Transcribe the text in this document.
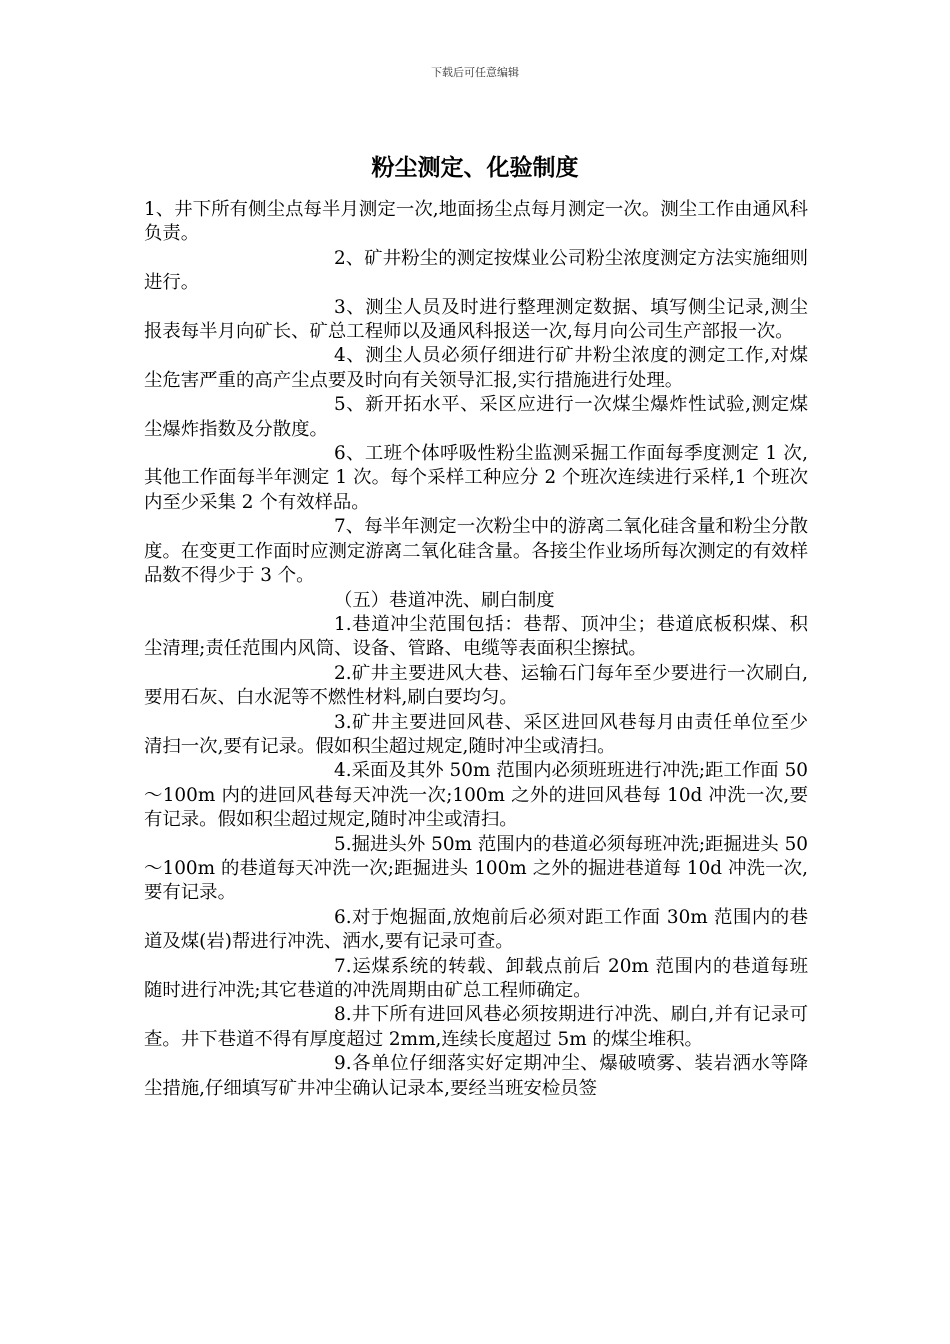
下载后可任意编辑
粉尘测定、化验制度

1、井下所有侧尘点每半月测定一次,地面扬尘点每月测定一次。测尘工作由通风科负责。

2、矿井粉尘的测定按煤业公司粉尘浓度测定方法实施细则进行。

3、测尘人员及时进行整理测定数据、填写侧尘记录,测尘报表每半月向矿长、矿总工程师以及通风科报送一次,每月向公司生产部报一次。

4、测尘人员必须仔细进行矿井粉尘浓度的测定工作,对煤尘危害严重的高产尘点要及时向有关领导汇报,实行措施进行处理。

5、新开拓水平、采区应进行一次煤尘爆炸性试验,测定煤尘爆炸指数及分散度。

6、工班个体呼吸性粉尘监测采掘工作面每季度测定 1 次,其他工作面每半年测定 1 次。每个采样工种应分 2 个班次连续进行采样,1 个班次内至少采集 2 个有效样品。

7、每半年测定一次粉尘中的游离二氧化硅含量和粉尘分散度。在变更工作面时应测定游离二氧化硅含量。各接尘作业场所每次测定的有效样品数不得少于 3 个。

（五）巷道冲洗、刷白制度

1.巷道冲尘范围包括：巷帮、顶冲尘；巷道底板积煤、积尘清理;责任范围内风筒、设备、管路、电缆等表面积尘擦拭。

2.矿井主要进风大巷、运输石门每年至少要进行一次刷白,要用石灰、白水泥等不燃性材料,刷白要均匀。

3.矿井主要进回风巷、采区进回风巷每月由责任单位至少清扫一次,要有记录。假如积尘超过规定,随时冲尘或清扫。

4.采面及其外 50m 范围内必须班班进行冲洗;距工作面 50～100m 内的进回风巷每天冲洗一次;100m 之外的进回风巷每 10d 冲洗一次,要有记录。假如积尘超过规定,随时冲尘或清扫。

5.掘进头外 50m 范围内的巷道必须每班冲洗;距掘进头 50～100m 的巷道每天冲洗一次;距掘进头 100m 之外的掘进巷道每 10d 冲洗一次,要有记录。

6.对于炮掘面,放炮前后必须对距工作面 30m 范围内的巷道及煤(岩)帮进行冲洗、洒水,要有记录可查。

7.运煤系统的转载、卸载点前后 20m 范围内的巷道每班随时进行冲洗;其它巷道的冲洗周期由矿总工程师确定。

8.井下所有进回风巷必须按期进行冲洗、刷白,并有记录可查。井下巷道不得有厚度超过 2mm,连续长度超过 5m 的煤尘堆积。

9.各单位仔细落实好定期冲尘、爆破喷雾、装岩洒水等降尘措施,仔细填写矿井冲尘确认记录本,要经当班安检员签
